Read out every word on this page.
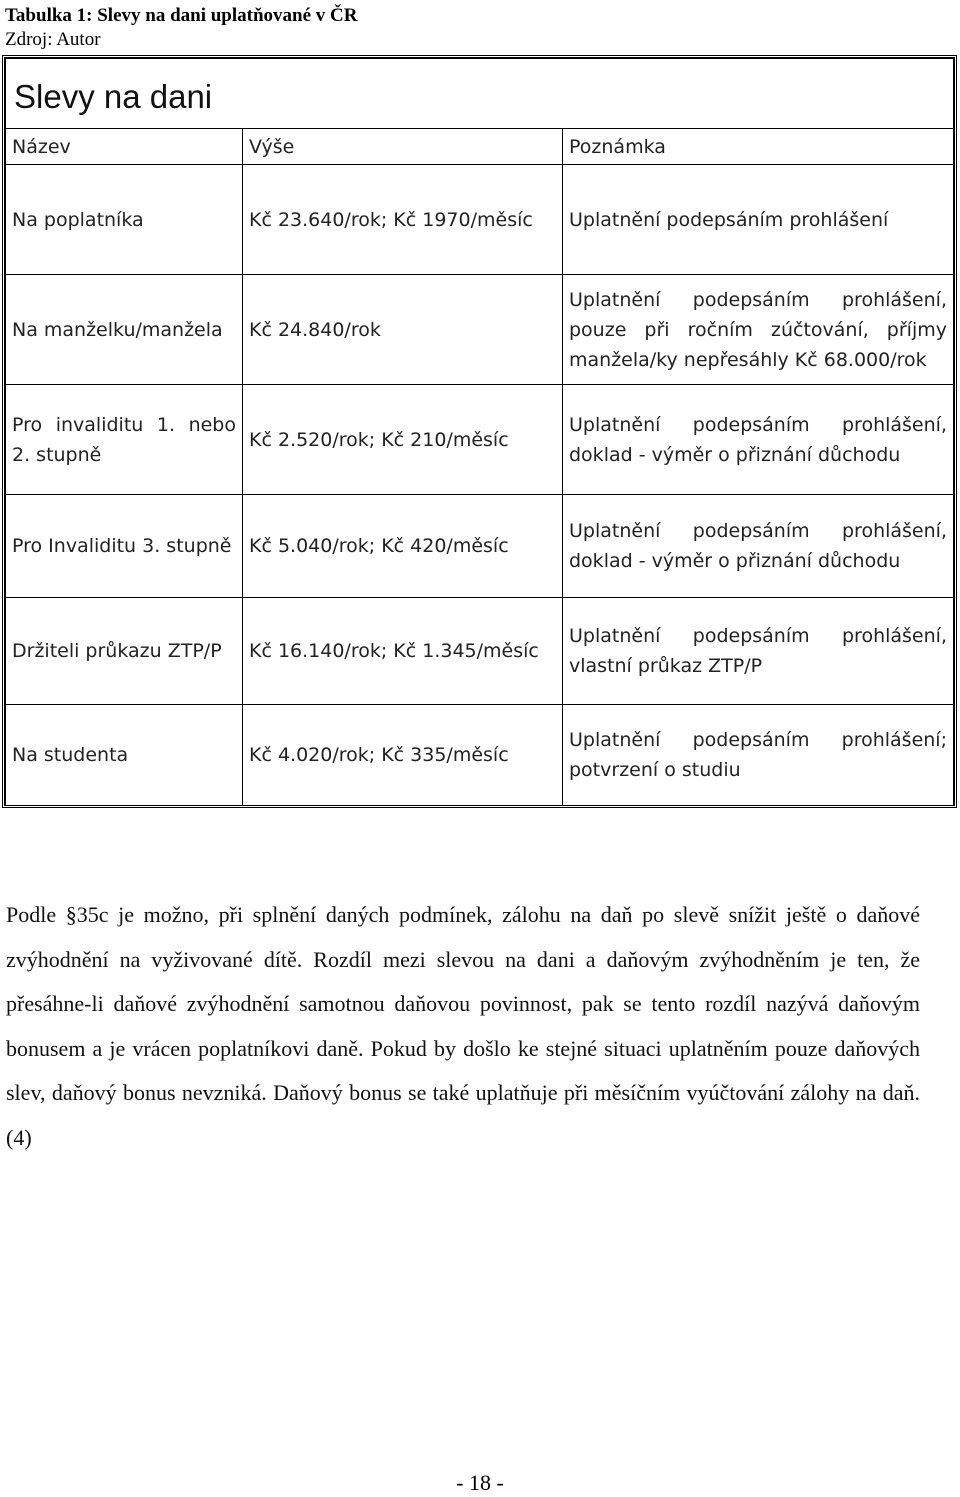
Tabulka 1: Slevy na dani uplatňované v ČR
Zdroj: Autor
Slevy na dani		
Název	Výše	Poznámka
Na poplatníka	Kč 23.640/rok; Kč 1970/měsíc	Uplatnění podepsáním prohlášení
Na manželku/manžela	Kč 24.840/rok	Uplatnění podepsáním prohlášení, pouze při ročním zúčtování, příjmy manžela/ky nepřesáhly Kč 68.000/rok
Pro invaliditu 1. nebo 2. stupně	Kč 2.520/rok; Kč 210/měsíc	Uplatnění podepsáním prohlášení, doklad - výměr o přiznání důchodu
Pro Invaliditu 3. stupně	Kč 5.040/rok; Kč 420/měsíc	Uplatnění podepsáním prohlášení, doklad - výměr o přiznání důchodu
Držiteli průkazu ZTP/P	Kč 16.140/rok; Kč 1.345/měsíc	Uplatnění podepsáním prohlášení, vlastní průkaz ZTP/P
Na studenta	Kč 4.020/rok; Kč 335/měsíc	Uplatnění podepsáním prohlášení; potvrzení o studiu
Podle §35c je možno, při splnění daných podmínek, zálohu na daň po slevě snížit ještě o daňové zvýhodnění na vyživované dítě. Rozdíl mezi slevou na dani a daňovým zvýhodněním je ten, že přesáhne-li daňové zvýhodnění samotnou daňovou povinnost, pak se tento rozdíl nazývá daňovým bonusem a je vrácen poplatníkovi daně. Pokud by došlo ke stejné situaci uplatněním pouze daňových slev, daňový bonus nevzniká. Daňový bonus se také uplatňuje při měsíčním vyúčtování zálohy na daň. (4)
- 18 -
